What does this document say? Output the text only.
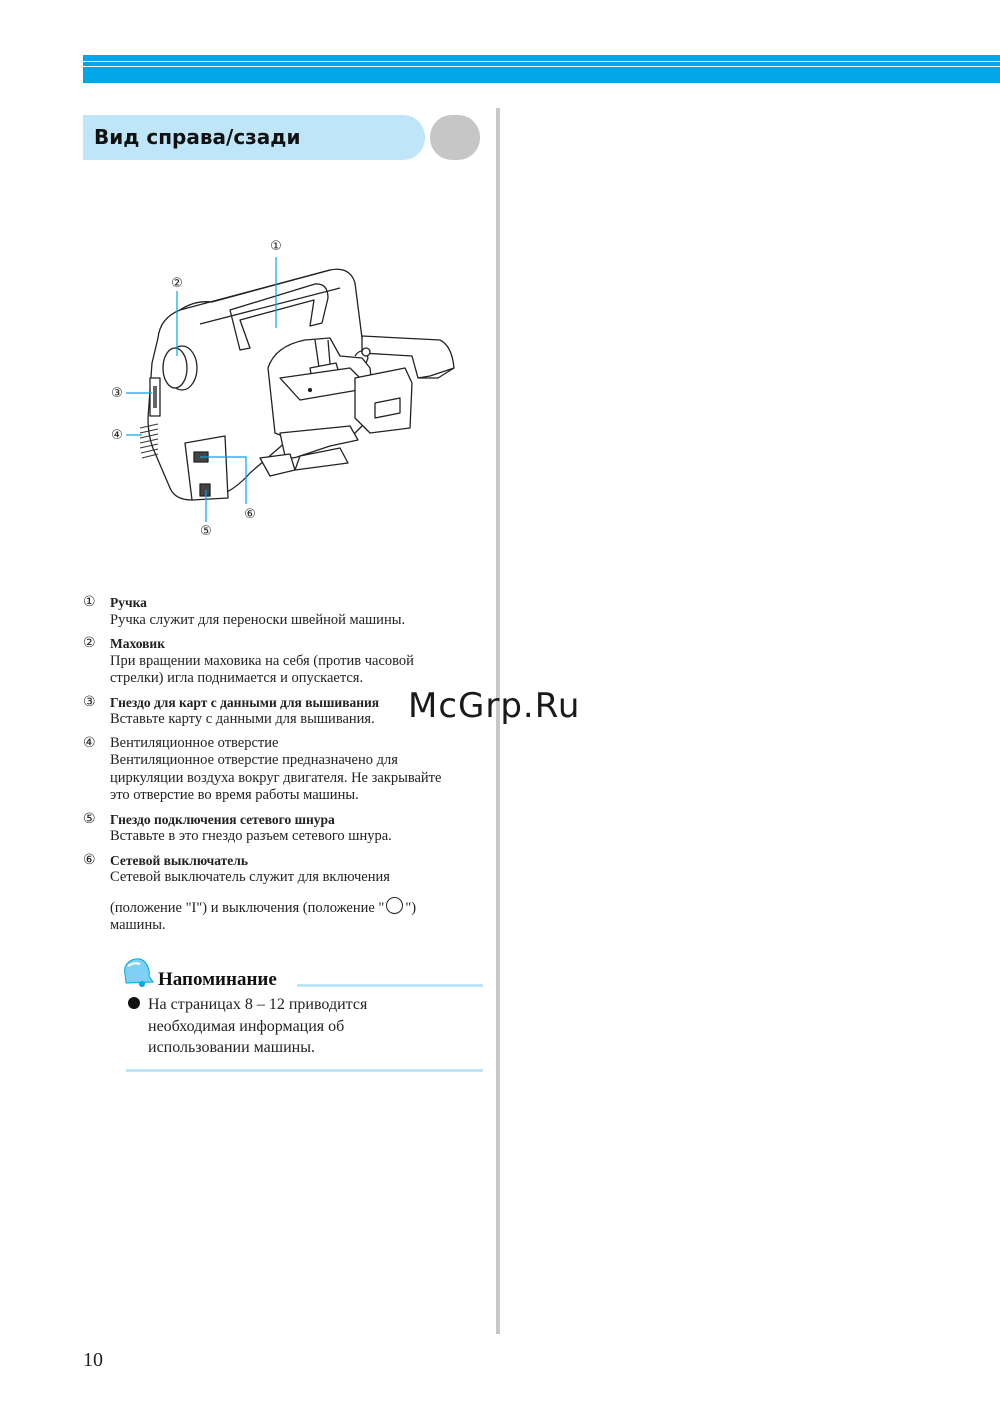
Вид справа/сзади
①
②
③
④
⑤
⑥
① Ручка
Ручка служит для переноски швейной машины.
② Маховик
При вращении маховика на себя (против часовой
стрелки) игла поднимается и опускается.
③ Гнездо для карт с данными для вышивания
Вставьте карту с данными для вышивания.
④ Вентиляционное отверстие
Вентиляционное отверстие предназначено для
циркуляции воздуха вокруг двигателя. Не закрывайте
это отверстие во время работы машины.
⑤ Гнездо подключения сетевого шнура
Вставьте в это гнездо разъем сетевого шнура.
⑥ Сетевой выключатель
Сетевой выключатель служит для включения
(положение "I") и выключения (положение " ")
машины.
Напоминание
На страницах 8 – 12 приводится
необходимая информация об
использовании машины.
McGrp.Ru
10
